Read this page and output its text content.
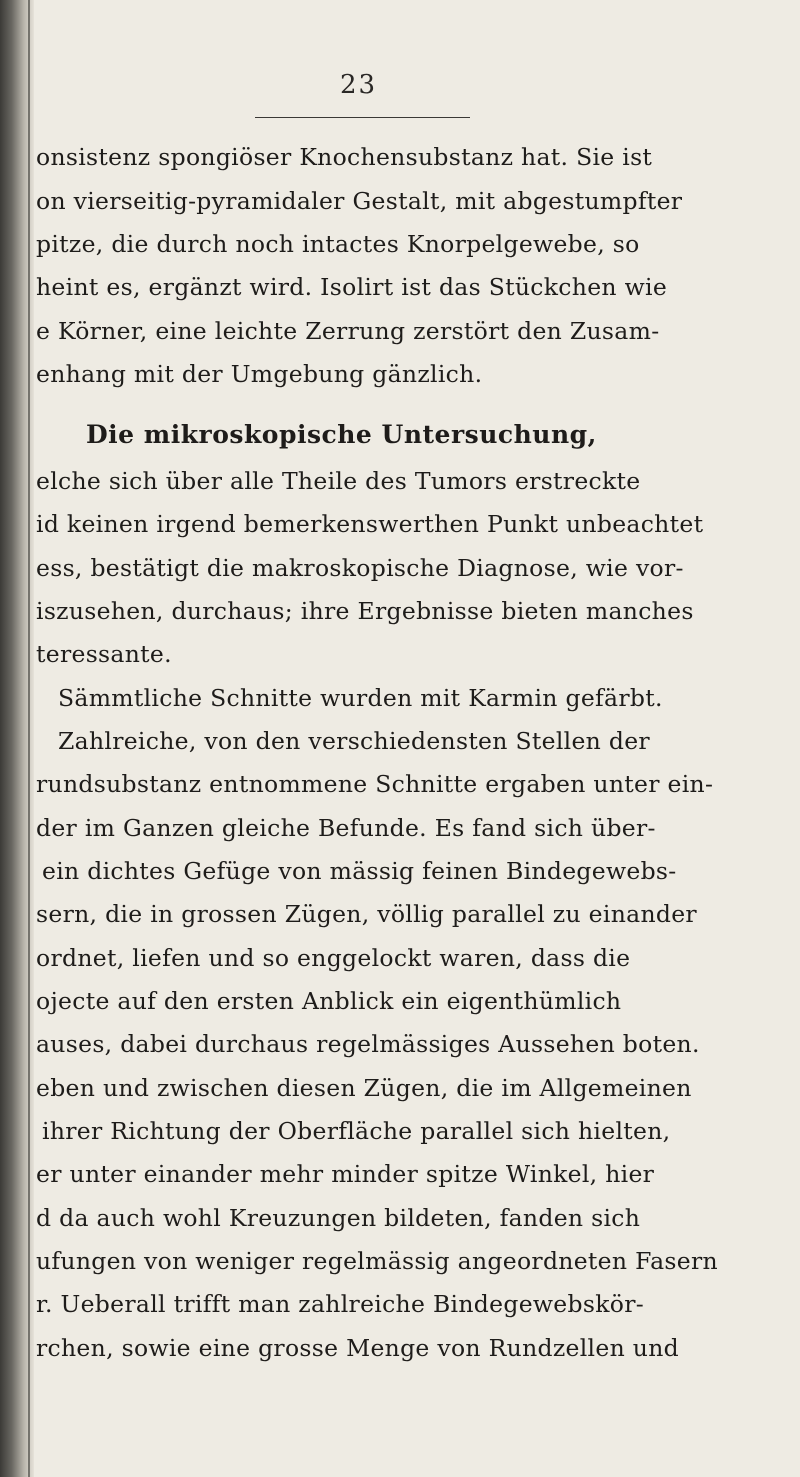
23
onsistenz spongiöser Knochensubstanz hat. Sie ist
on vierseitig-pyramidaler Gestalt, mit abgestumpfter
pitze, die durch noch intactes Knorpelgewebe, so
heint es, ergänzt wird. Isolirt ist das Stückchen wie
e Körner, eine leichte Zerrung zerstört den Zusam-
enhang mit der Umgebung gänzlich.
Die mikroskopische Untersuchung,
elche sich über alle Theile des Tumors erstreckte
id keinen irgend bemerkenswerthen Punkt unbeachtet
ess, bestätigt die makroskopische Diagnose, wie vor-
iszusehen, durchaus; ihre Ergebnisse bieten manches
teressante.
Sämmtliche Schnitte wurden mit Karmin gefärbt.
Zahlreiche, von den verschiedensten Stellen der
rundsubstanz entnommene Schnitte ergaben unter ein-
der im Ganzen gleiche Befunde. Es fand sich über-
ein dichtes Gefüge von mässig feinen Bindegewebs-
sern, die in grossen Zügen, völlig parallel zu einander
ordnet, liefen und so enggelockt waren, dass die
ojecte auf den ersten Anblick ein eigenthümlich
auses, dabei durchaus regelmässiges Aussehen boten.
eben und zwischen diesen Zügen, die im Allgemeinen
ihrer Richtung der Oberfläche parallel sich hielten,
er unter einander mehr minder spitze Winkel, hier
d da auch wohl Kreuzungen bildeten, fanden sich
ufungen von weniger regelmässig angeordneten Fasern
r. Ueberall trifft man zahlreiche Bindegewebskör-
rchen, sowie eine grosse Menge von Rundzellen und
